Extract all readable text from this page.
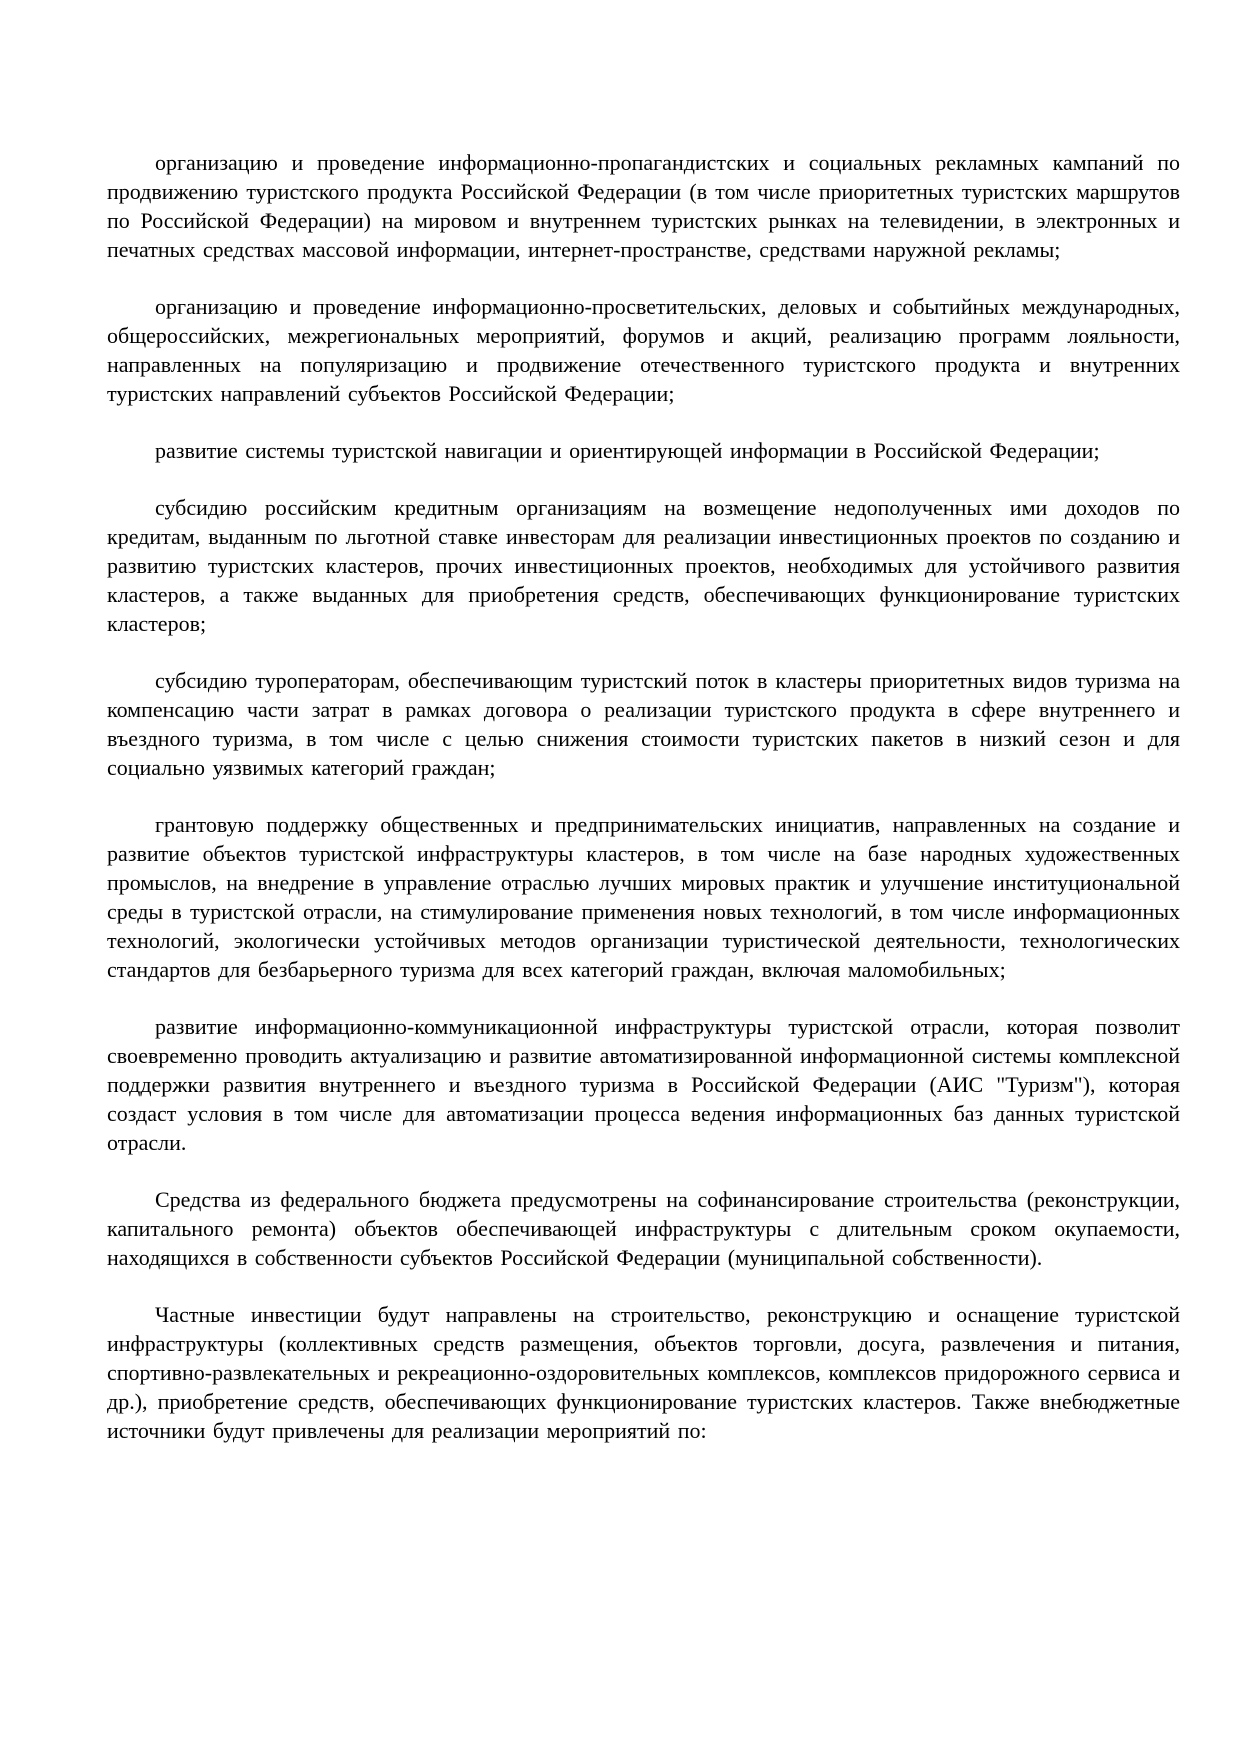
организацию и проведение информационно-пропагандистских и социальных рекламных кампаний по продвижению туристского продукта Российской Федерации (в том числе приоритетных туристских маршрутов по Российской Федерации) на мировом и внутреннем туристских рынках на телевидении, в электронных и печатных средствах массовой информации, интернет-пространстве, средствами наружной рекламы;

организацию и проведение информационно-просветительских, деловых и событийных международных, общероссийских, межрегиональных мероприятий, форумов и акций, реализацию программ лояльности, направленных на популяризацию и продвижение отечественного туристского продукта и внутренних туристских направлений субъектов Российской Федерации;

развитие системы туристской навигации и ориентирующей информации в Российской Федерации;

субсидию российским кредитным организациям на возмещение недополученных ими доходов по кредитам, выданным по льготной ставке инвесторам для реализации инвестиционных проектов по созданию и развитию туристских кластеров, прочих инвестиционных проектов, необходимых для устойчивого развития кластеров, а также выданных для приобретения средств, обеспечивающих функционирование туристских кластеров;

субсидию туроператорам, обеспечивающим туристский поток в кластеры приоритетных видов туризма на компенсацию части затрат в рамках договора о реализации туристского продукта в сфере внутреннего и въездного туризма, в том числе с целью снижения стоимости туристских пакетов в низкий сезон и для социально уязвимых категорий граждан;

грантовую поддержку общественных и предпринимательских инициатив, направленных на создание и развитие объектов туристской инфраструктуры кластеров, в том числе на базе народных художественных промыслов, на внедрение в управление отраслью лучших мировых практик и улучшение институциональной среды в туристской отрасли, на стимулирование применения новых технологий, в том числе информационных технологий, экологически устойчивых методов организации туристической деятельности, технологических стандартов для безбарьерного туризма для всех категорий граждан, включая маломобильных;

развитие информационно-коммуникационной инфраструктуры туристской отрасли, которая позволит своевременно проводить актуализацию и развитие автоматизированной информационной системы комплексной поддержки развития внутреннего и въездного туризма в Российской Федерации (АИС "Туризм"), которая создаст условия в том числе для автоматизации процесса ведения информационных баз данных туристской отрасли.

Средства из федерального бюджета предусмотрены на софинансирование строительства (реконструкции, капитального ремонта) объектов обеспечивающей инфраструктуры с длительным сроком окупаемости, находящихся в собственности субъектов Российской Федерации (муниципальной собственности).

Частные инвестиции будут направлены на строительство, реконструкцию и оснащение туристской инфраструктуры (коллективных средств размещения, объектов торговли, досуга, развлечения и питания, спортивно-развлекательных и рекреационно-оздоровительных комплексов, комплексов придорожного сервиса и др.), приобретение средств, обеспечивающих функционирование туристских кластеров. Также внебюджетные источники будут привлечены для реализации мероприятий по:
